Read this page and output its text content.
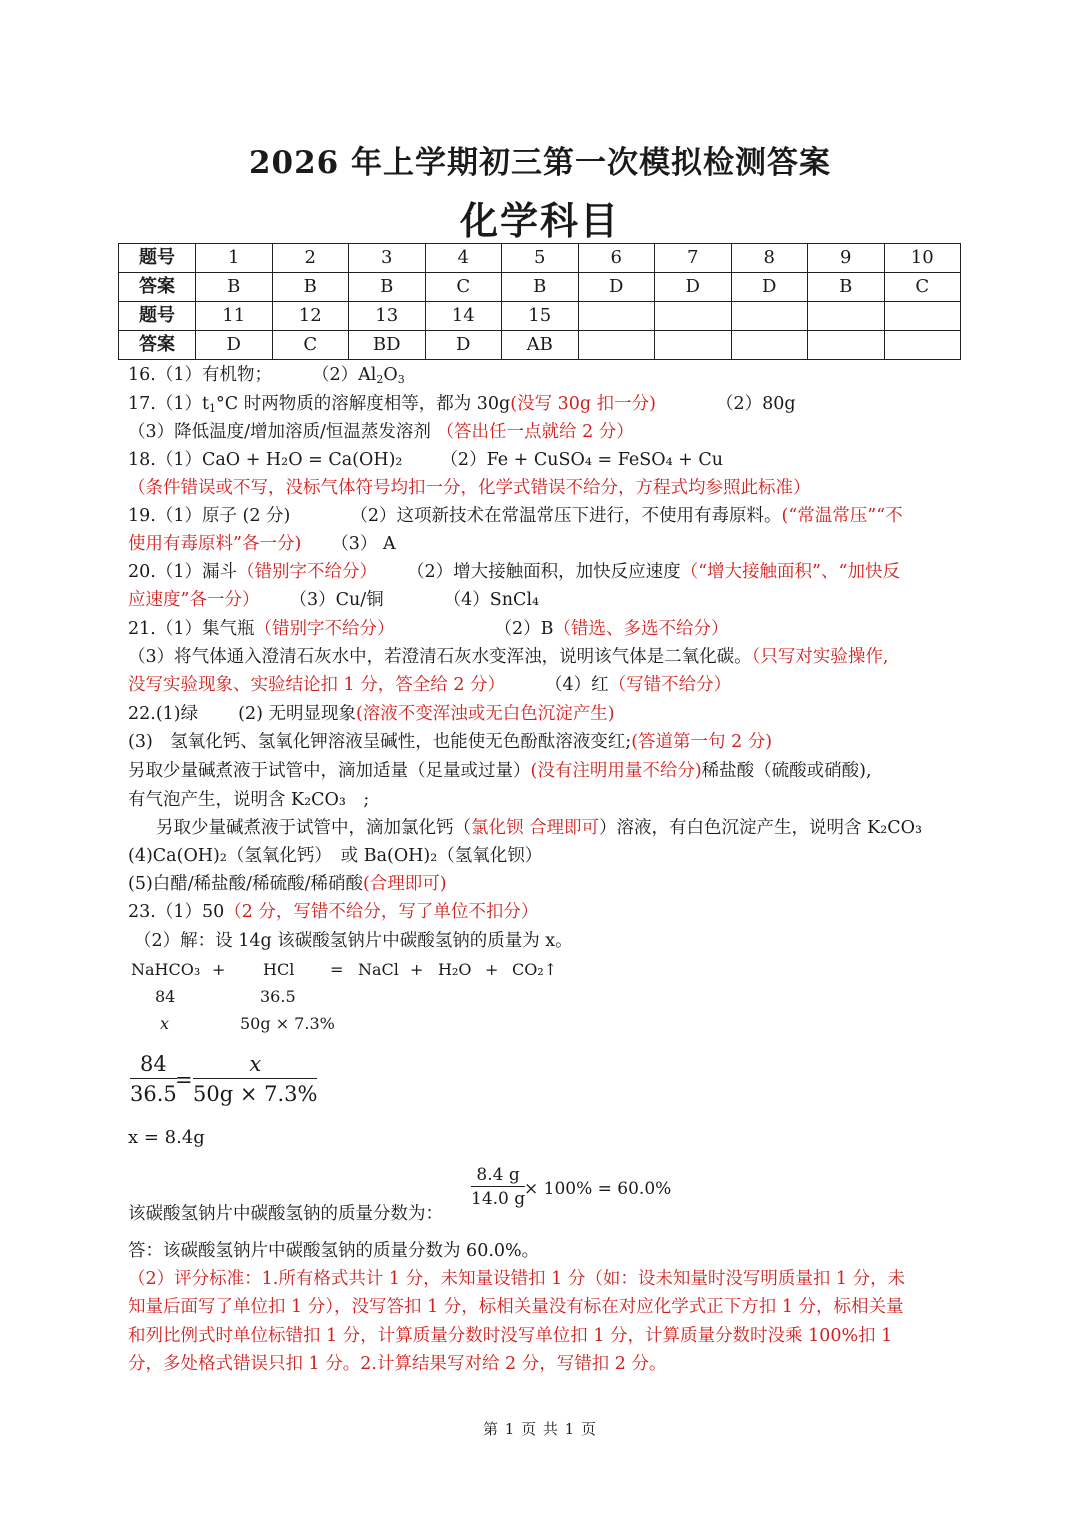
2026 年上学期初三第一次模拟检测答案
化学科目
题号	1	2	3	4	5	6	7	8	9	10
答案	B	B	B	C	B	D	D	D	B	C
题号	11	12	13	14	15					
答案	D	C	BD	D	AB					
16.（1）有机物； $(2)Al_2O_3$
$17.(1)t_1^\circ C$ 时两物质的溶解度相等，都为 30g(没写 30g 扣一分)	（2）80g
（3）降低温度/增加溶质/恒温蒸发溶剂 （答出任一点就给 2 分）
18.（1）CaO + H₂O = Ca(OH)₂ （2）Fe + CuSO₄ = FeSO₄ + Cu
（条件错误或不写，没标气体符号均扣一分，化学式错误不给分，方程式均参照此标准）
19.（1）原子 (2 分)	（2）这项新技术在常温常压下进行，不使用有毒原料。(“常温常压”“不
使用有毒原料”各一分) （3） A
20.（1）漏斗（错别字不给分） （2）增大接触面积，加快反应速度（“增大接触面积”、“加快反
应速度”各一分） （3）Cu/铜	（4）SnCl₄
21.（1）集气瓶（错别字不给分）	（2）B（错选、多选不给分）
（3）将气体通入澄清石灰水中，若澄清石灰水变浑浊，说明该气体是二氧化碳。（只写对实验操作,
没写实验现象、实验结论扣 1 分，答全给 2 分） （4）红（写错不给分）
22.(1)绿 (2) 无明显现象(溶液不变浑浊或无白色沉淀产生)
(3)　氢氧化钙、氢氧化钾溶液呈碱性，也能使无色酚酞溶液变红;(答道第一句 2 分)
另取少量碱煮液于试管中，滴加适量（足量或过量）(没有注明用量不给分)稀盐酸（硫酸或硝酸),
有气泡产生，说明含 K₂CO₃　;
另取少量碱煮液于试管中，滴加氯化钙（氯化钡 合理即可）溶液，有白色沉淀产生，说明含 K₂CO₃
(4)Ca(OH)₂（氢氧化钙）　或 Ba(OH)₂（氢氧化钡）
(5)白醋/稀盐酸/稀硫酸/稀硝酸(合理即可)
23.（1）50（2 分，写错不给分，写了单位不扣分）
（2）解：设 14g 该碳酸氢钠片中碳酸氢钠的质量为 x。
NaHCO₃ + HCl = NaCl + H₂O + CO₂↑
84	36.5
x	50g × 7.3%
$\frac{84}{36.5}$
= $\frac{x}{50g \times 7.3\%}$
x = 8.4g
该碳酸氢钠片中碳酸氢钠的质量分数为：
$\frac{8.4 g}{14.0 g}$
× 100% = 60.0%
答：该碳酸氢钠片中碳酸氢钠的质量分数为 60.0%。
（2）评分标准：1.所有格式共计 1 分，未知量设错扣 1 分（如：设未知量时没写明质量扣 1 分，未
知量后面写了单位扣 1 分），没写答扣 1 分，标相关量没有标在对应化学式正下方扣 1 分，标相关量
和列比例式时单位标错扣 1 分，计算质量分数时没写单位扣 1 分，计算质量分数时没乘 100%扣 1
分，多处格式错误只扣 1 分。2.计算结果写对给 2 分，写错扣 2 分。
第 1 页 共 1 页
